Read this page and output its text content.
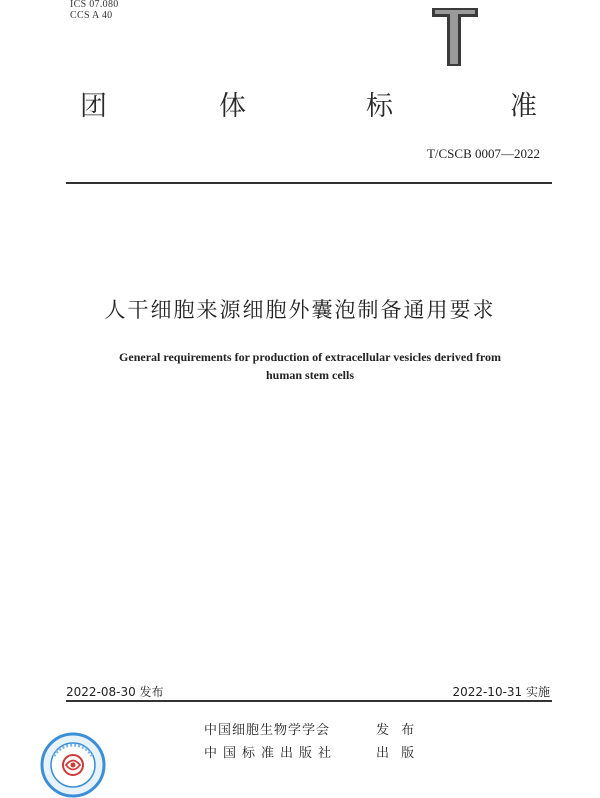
ICS 07.080
CCS A 40
团	体	标	准
T/CSCB 0007—2022
人干细胞来源细胞外囊泡制备通用要求
General requirements for production of extracellular vesicles derived from
human stem cells
2022-08-30 发布	2022-10-31 实施
中国细胞生物学学会	发 布
中国标准出版社	出 版
